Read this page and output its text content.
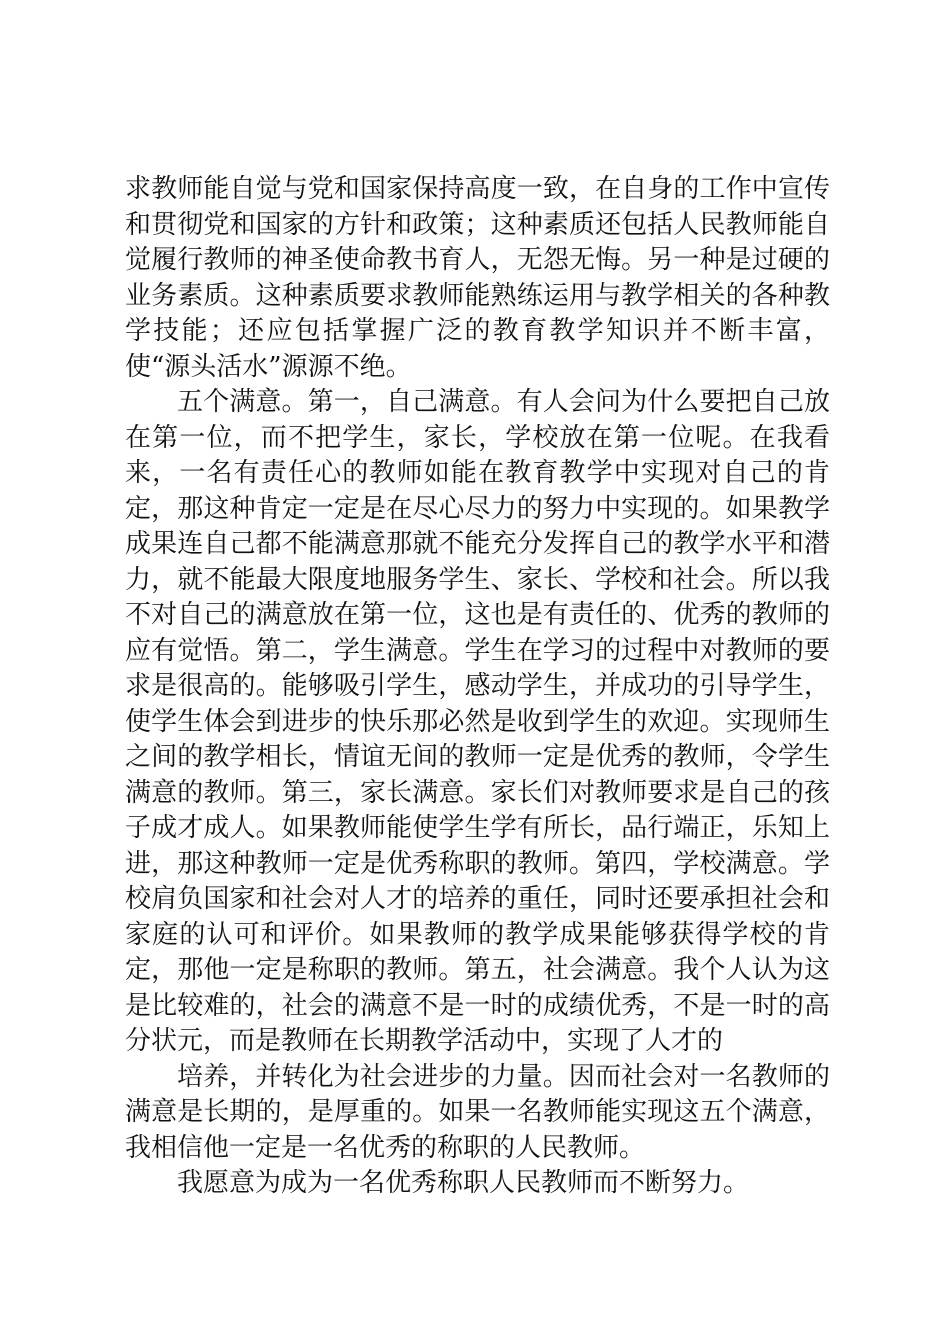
求教师能自觉与党和国家保持高度一致，在自身的工作中宣传和贯彻党和国家的方针和政策；这种素质还包括人民教师能自觉履行教师的神圣使命教书育人，无怨无悔。另一种是过硬的业务素质。这种素质要求教师能熟练运用与教学相关的各种教学技能；还应包括掌握广泛的教育教学知识并不断丰富，使“源头活水”源源不绝。

五个满意。第一，自己满意。有人会问为什么要把自己放在第一位，而不把学生，家长，学校放在第一位呢。在我看来，一名有责任心的教师如能在教育教学中实现对自己的肯定，那这种肯定一定是在尽心尽力的努力中实现的。如果教学成果连自己都不能满意那就不能充分发挥自己的教学水平和潜力，就不能最大限度地服务学生、家长、学校和社会。所以我不对自己的满意放在第一位，这也是有责任的、优秀的教师的应有觉悟。第二，学生满意。学生在学习的过程中对教师的要求是很高的。能够吸引学生，感动学生，并成功的引导学生，使学生体会到进步的快乐那必然是收到学生的欢迎。实现师生之间的教学相长，情谊无间的教师一定是优秀的教师，令学生满意的教师。第三，家长满意。家长们对教师要求是自己的孩子成才成人。如果教师能使学生学有所长，品行端正，乐知上进，那这种教师一定是优秀称职的教师。第四，学校满意。学校肩负国家和社会对人才的培养的重任，同时还要承担社会和家庭的认可和评价。如果教师的教学成果能够获得学校的肯定，那他一定是称职的教师。第五，社会满意。我个人认为这是比较难的，社会的满意不是一时的成绩优秀，不是一时的高分状元，而是教师在长期教学活动中，实现了人才的

培养，并转化为社会进步的力量。因而社会对一名教师的满意是长期的，是厚重的。如果一名教师能实现这五个满意，我相信他一定是一名优秀的称职的人民教师。

我愿意为成为一名优秀称职人民教师而不断努力。
